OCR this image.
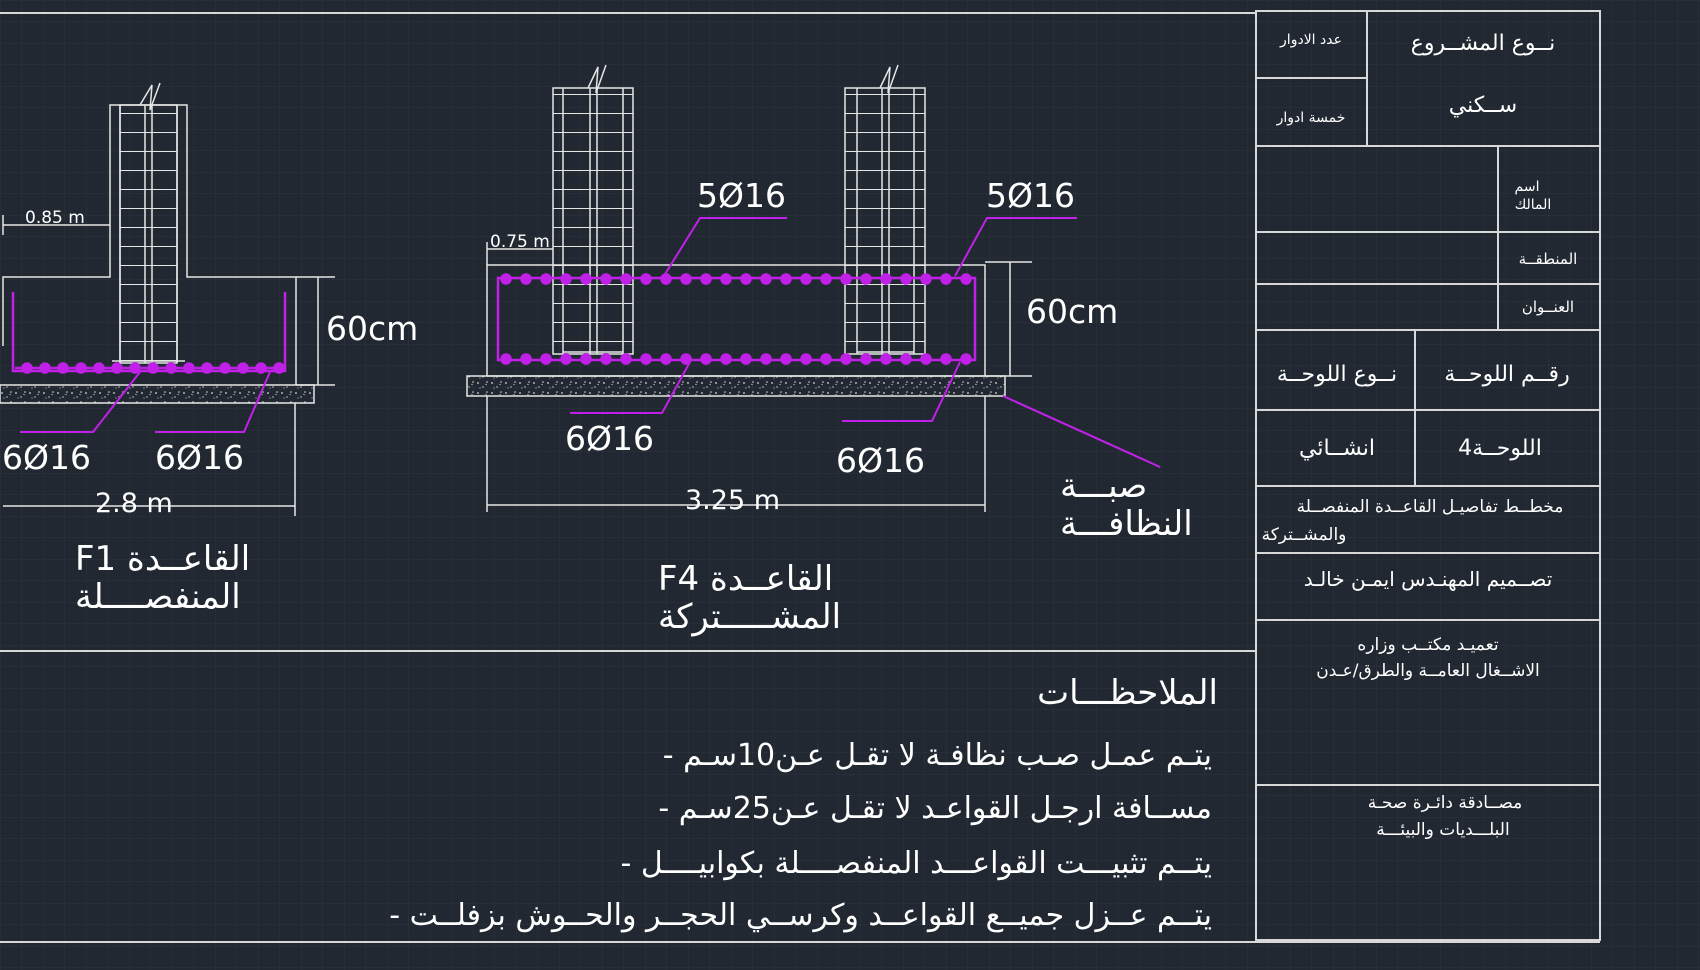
0.85 m
60cm
6Ø16 6Ø16
2.8 m
F1 القاعــدة
المنفصــــلة
0.75 m
5Ø16	5Ø16
60cm
6Ø16
6Ø16
3.25 m
F4 القاعــدة
المشـــــتركة
صبـــة
النظافـــة
الملاحظـــات
- يتـم عمـل صـب نظافـة لا تقـل عـن10سـم
- مســافة ارجـل القواعـد لا تقـل عـن25سـم
- يتــم تثبيـــت القواعـــد المنفصــــلة بكوابيــــل
- يتــم عــزل جميــع القواعــد وكرســي الحجــر والحــوش بزفلــت
عدد الادوار
خمسة ادوار
نــوع المشــروع
ســكني
اسم
المالك
المنطقــة
العنــوان
نــوع اللوحــة رقــم اللوحــة
انشــائي	اللوحــة4
مخطــط تفاصيـل القاعــدة المنفصــلة
والمشــتركة
تصــميم المهنـدس ايمـن خالـد
تعميـد مكتــب وزاره
الاشــغال العامــة والطرق/عـدن
مصــادقة دائـرة صحـة
البلـــديات والبيئـــة
